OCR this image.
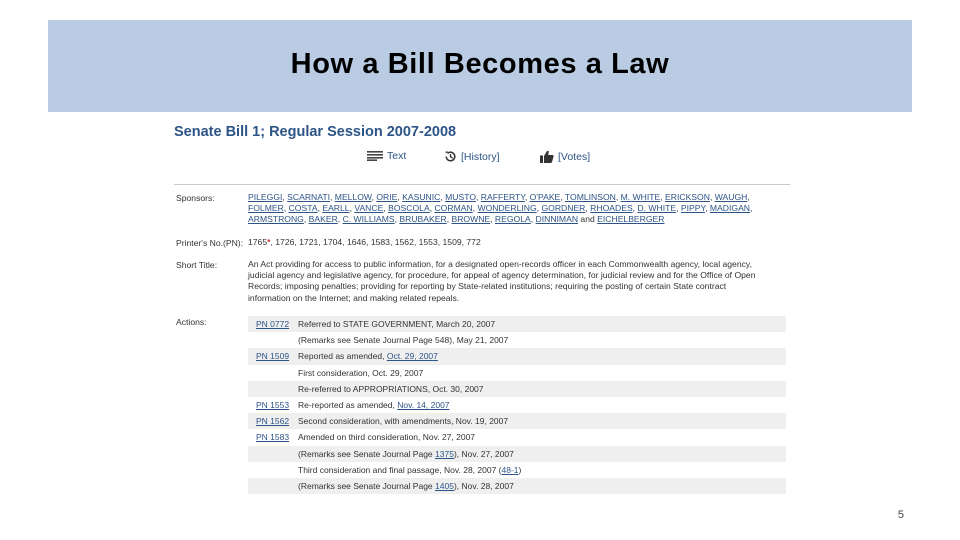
How a Bill Becomes a Law
Senate Bill 1; Regular Session 2007-2008
Text	[History]	[Votes]
Sponsors:	PILEGGI, SCARNATI, MELLOW, ORIE, KASUNIC, MUSTO, RAFFERTY, O'PAKE, TOMLINSON, M. WHITE, ERICKSON, WAUGH, FOLMER, COSTA, EARLL, VANCE, BOSCOLA, CORMAN, WONDERLING, GORDNER, RHOADES, D. WHITE, PIPPY, MADIGAN, ARMSTRONG, BAKER, C. WILLIAMS, BRUBAKER, BROWNE, REGOLA, DINNIMAN and EICHELBERGER
Printer's No.(PN): 1765*, 1726, 1721, 1704, 1646, 1583, 1562, 1553, 1509, 772
Short Title:	An Act providing for access to public information, for a designated open-records officer in each Commonwealth agency, local agency, judicial agency and legislative agency, for procedure, for appeal of agency determination, for judicial review and for the Office of Open Records; imposing penalties; providing for reporting by State-related institutions; requiring the posting of certain State contract information on the Internet; and making related repeals.
Actions:	PN 0772 Referred to STATE GOVERNMENT, March 20, 2007
(Remarks see Senate Journal Page 548), May 21, 2007
PN 1509 Reported as amended, Oct. 29, 2007
First consideration, Oct. 29, 2007
Re-referred to APPROPRIATIONS, Oct. 30, 2007
PN 1553 Re-reported as amended, Nov. 14, 2007
PN 1562 Second consideration, with amendments, Nov. 19, 2007
PN 1583 Amended on third consideration, Nov. 27, 2007
(Remarks see Senate Journal Page 1375), Nov. 27, 2007
Third consideration and final passage, Nov. 28, 2007 (48-1)
(Remarks see Senate Journal Page 1405), Nov. 28, 2007
5
